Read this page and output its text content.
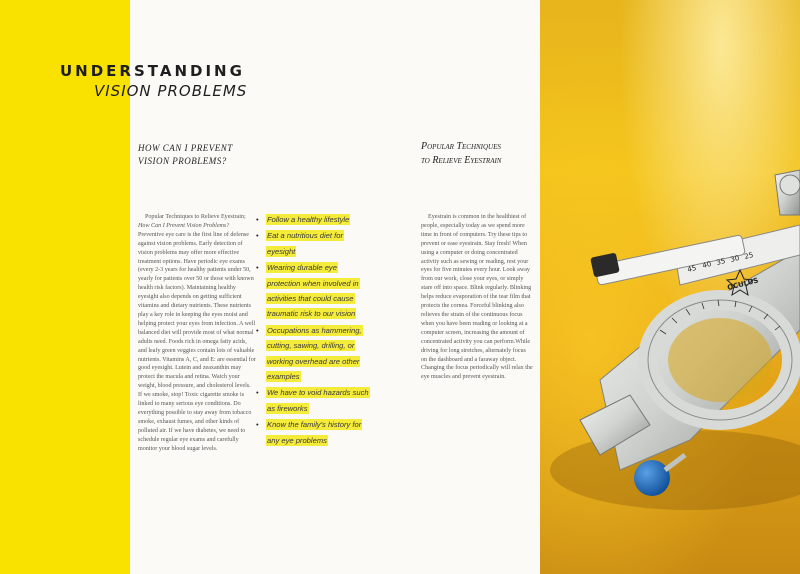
UNDERSTANDING
VISION PROBLEMS
HOW CAN I PREVENT
VISION PROBLEMS?
Popular Techniques
to Relieve Eyestrain

Popular Techniques to Relieve Eyestrain;

How Can I Prevent Vision Problems?

Preventive eye care is the first line of defense against vision problems. Early detection of vision problems may offer more effective treatment options. Have periodic eye exams (every 2-3 years for healthy patients under 50, yearly for patients over 50 or those with known health risk factors). Maintaining healthy eyesight also depends on getting sufficient vitamins and dietary nutrients. These nutrients play a key role in keeping the eyes moist and helping protect your eyes from infection. A well balanced diet will provide most of what normal adults need. Foods rich in omega fatty acids, and leafy green veggies contain lots of valuable nutrients. Vitamins A, C, and E: are essential for good eyesight. Lutein and zeaxanthin may protect the macula and retina. Watch your weight, blood pressure, and cholesterol levels. If we smoke, stop! Toxic cigarette smoke is linked to many serious eye conditions. Do everything possible to stay away from tobacco smoke, exhaust fumes, and other kinds of polluted air. If we have diabetes, we need to schedule regular eye exams and carefully monitor your blood sugar levels.

• Follow a healthy lifestyle
• Eat a nutritious diet for eyesight
• Wearing durable eye protection when involved in activities that could cause traumatic risk to our vision
• Occupations as hammering, cutting, sawing, drilling, or working overhead are other examples
• We have to void hazards such as fireworks
• Know the family's history for any eye problems

Eyestrain is common in the healthiest of people, especially today as we spend more time in front of computers. Try these tips to prevent or ease eyestrain. Stay fresh! When using a computer or doing concentrated activity such as sewing or reading, rest your eyes for five minutes every hour. Look away from our work, close your eyes, or simply stare off into space. Blink regularly. Blinking helps reduce evaporation of the tear film that protects the cornea. Forceful blinking also relieves the strain of the continuous focus when you have been reading or looking at a computer screen, increasing the amount of concentrated activity you can perform.While driving for long stretches, alternately focus on the dashboard and a faraway object. Changing the focus periodically will relax the eye muscles and prevent eyestrain.

45 40 35 30 25
OCULUS
